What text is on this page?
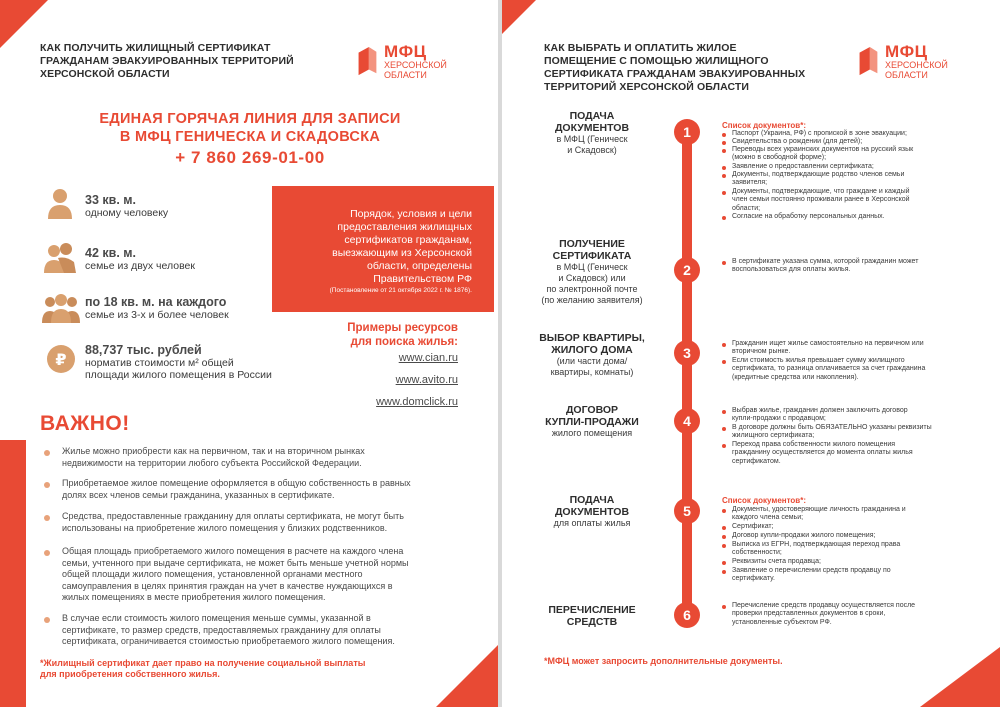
КАК ПОЛУЧИТЬ ЖИЛИЩНЫЙ СЕРТИФИКАТ
ГРАЖДАНАМ ЭВАКУИРОВАННЫХ ТЕРРИТОРИЙ
ХЕРСОНСКОЙ ОБЛАСТИ
МФЦ
ХЕРСОНСКОЙ
ОБЛАСТИ
ЕДИНАЯ ГОРЯЧАЯ ЛИНИЯ ДЛЯ ЗАПИСИ
В МФЦ ГЕНИЧЕСКА И СКАДОВСКА
+ 7 860 269-01-00
33 кв. м.
одному человеку
42 кв. м.
семье из двух человек
по 18 кв. м. на каждого
семье из 3-х и более человек
₽ 88,737 тыс. рублей
норматив стоимости м² общей
площади жилого помещения в России
Порядок, условия и цели
предоставления жилищных
сертификатов гражданам,
выезжающим из Херсонской
области, определены
Правительством РФ
(Постановление от 21 октября 2022 г. № 1876).
Примеры ресурсов
для поиска жилья:
www.cian.ru
www.avito.ru
www.domclick.ru
ВАЖНО!
Жилье можно приобрести как на первичном, так и на вторичном рынках
недвижимости на территории любого субъекта Российской Федерации.
Приобретаемое жилое помещение оформляется в общую собственность в равных
долях всех членов семьи гражданина, указанных в сертификате.
Средства, предоставленные гражданину для оплаты сертификата, не могут быть
использованы на приобретение жилого помещения у близких родственников.
Общая площадь приобретаемого жилого помещения в расчете на каждого члена
семьи, учтенного при выдаче сертификата, не может быть меньше учетной нормы
общей площади жилого помещения, установленной органами местного
самоуправления в целях принятия граждан на учет в качестве нуждающихся в
жилых помещениях в месте приобретения жилого помещения.
В случае если стоимость жилого помещения меньше суммы, указанной в
сертификате, то размер средств, предоставляемых гражданину для оплаты
сертификата, ограничивается стоимостью приобретаемого жилого помещения.
*Жилищный сертификат дает право на получение социальной выплаты
для приобретения собственного жилья.
КАК ВЫБРАТЬ И ОПЛАТИТЬ ЖИЛОЕ
ПОМЕЩЕНИЕ С ПОМОЩЬЮ ЖИЛИЩНОГО
СЕРТИФИКАТА ГРАЖДАНАМ ЭВАКУИРОВАННЫХ
ТЕРРИТОРИЙ ХЕРСОНСКОЙ ОБЛАСТИ
МФЦ
ХЕРСОНСКОЙ
ОБЛАСТИ
ПОДАЧА
ДОКУМЕНТОВ
в МФЦ (Геническ
и Скадовск)
1	Список документов*:
Паспорт (Украина, РФ) с пропиской в зоне эвакуации;
Свидетельства о рождении (для детей);
Переводы всех украинских документов на русский язык
(можно в свободной форме);
Заявление о предоставлении сертификата;
Документы, подтверждающие родство членов семьи
заявителя;
Документы, подтверждающие, что граждане и каждый
член семьи постоянно проживали ранее в Херсонской
области;
Согласие на обработку персональных данных.
ПОЛУЧЕНИЕ
СЕРТИФИКАТА
в МФЦ (Геническ
и Скадовск) или
по электронной почте
(по желанию заявителя)
2
В сертификате указана сумма, которой гражданин может
воспользоваться для оплаты жилья.
ВЫБОР КВАРТИРЫ,
ЖИЛОГО ДОМА
(или части дома/
квартиры, комнаты)
3
Гражданин ищет жилье самостоятельно на первичном или
вторичном рынке.
Если стоимость жилья превышает сумму жилищного
сертификата, то разница оплачивается за счет гражданина
(кредитные средства или накопления).
ДОГОВОР
КУПЛИ-ПРОДАЖИ
жилого помещения
4
Выбрав жилье, гражданин должен заключить договор
купли-продажи с продавцом;
В договоре должны быть ОБЯЗАТЕЛЬНО указаны реквизиты
жилищного сертификата;
Переход права собственности жилого помещения
гражданину осуществляется до момента оплаты жилья
сертификатом.
ПОДАЧА
ДОКУМЕНТОВ
для оплаты жилья
5
Список документов*:
Документы, удостоверяющие личность гражданина и
каждого члена семьи;
Сертификат;
Договор купли-продажи жилого помещения;
Выписка из ЕГРН, подтверждающая переход права
собственности;
Реквизиты счета продавца;
Заявление о перечислении средств продавцу по
сертификату.
ПЕРЕЧИСЛЕНИЕ
СРЕДСТВ	6
Перечисление средств продавцу осуществляется после
проверки представленных документов в сроки,
установленные субъектом РФ.
*МФЦ может запросить дополнительные документы.
